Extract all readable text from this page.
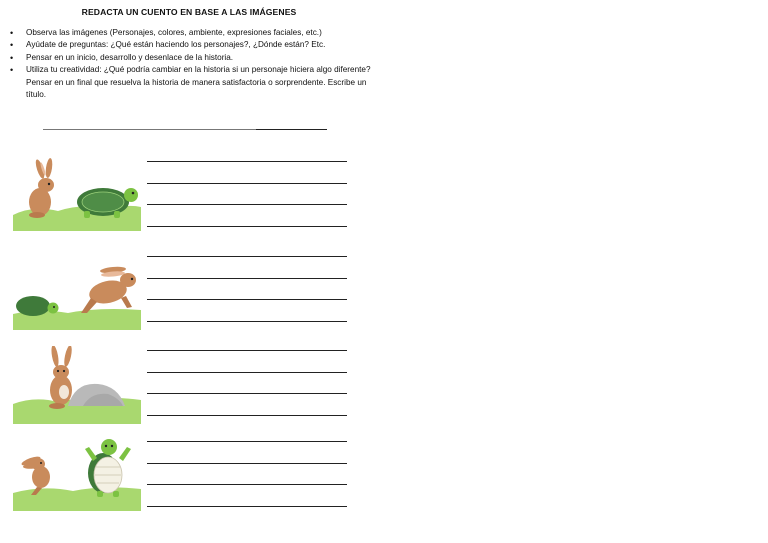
REDACTA UN CUENTO EN BASE A LAS IMÁGENES
• Observa las imágenes (Personajes, colores, ambiente, expresiones faciales, etc.)
• Ayúdate de preguntas: ¿Qué están haciendo los personajes?, ¿Dónde están? Etc.
• Pensar en un inicio, desarrollo y desenlace de la historia.
• Utiliza tu creatividad: ¿Qué podría cambiar en la historia si un personaje hiciera algo diferente? Pensar en un final que resuelva la historia de manera satisfactoria o sorprendente. Escribe un título.
